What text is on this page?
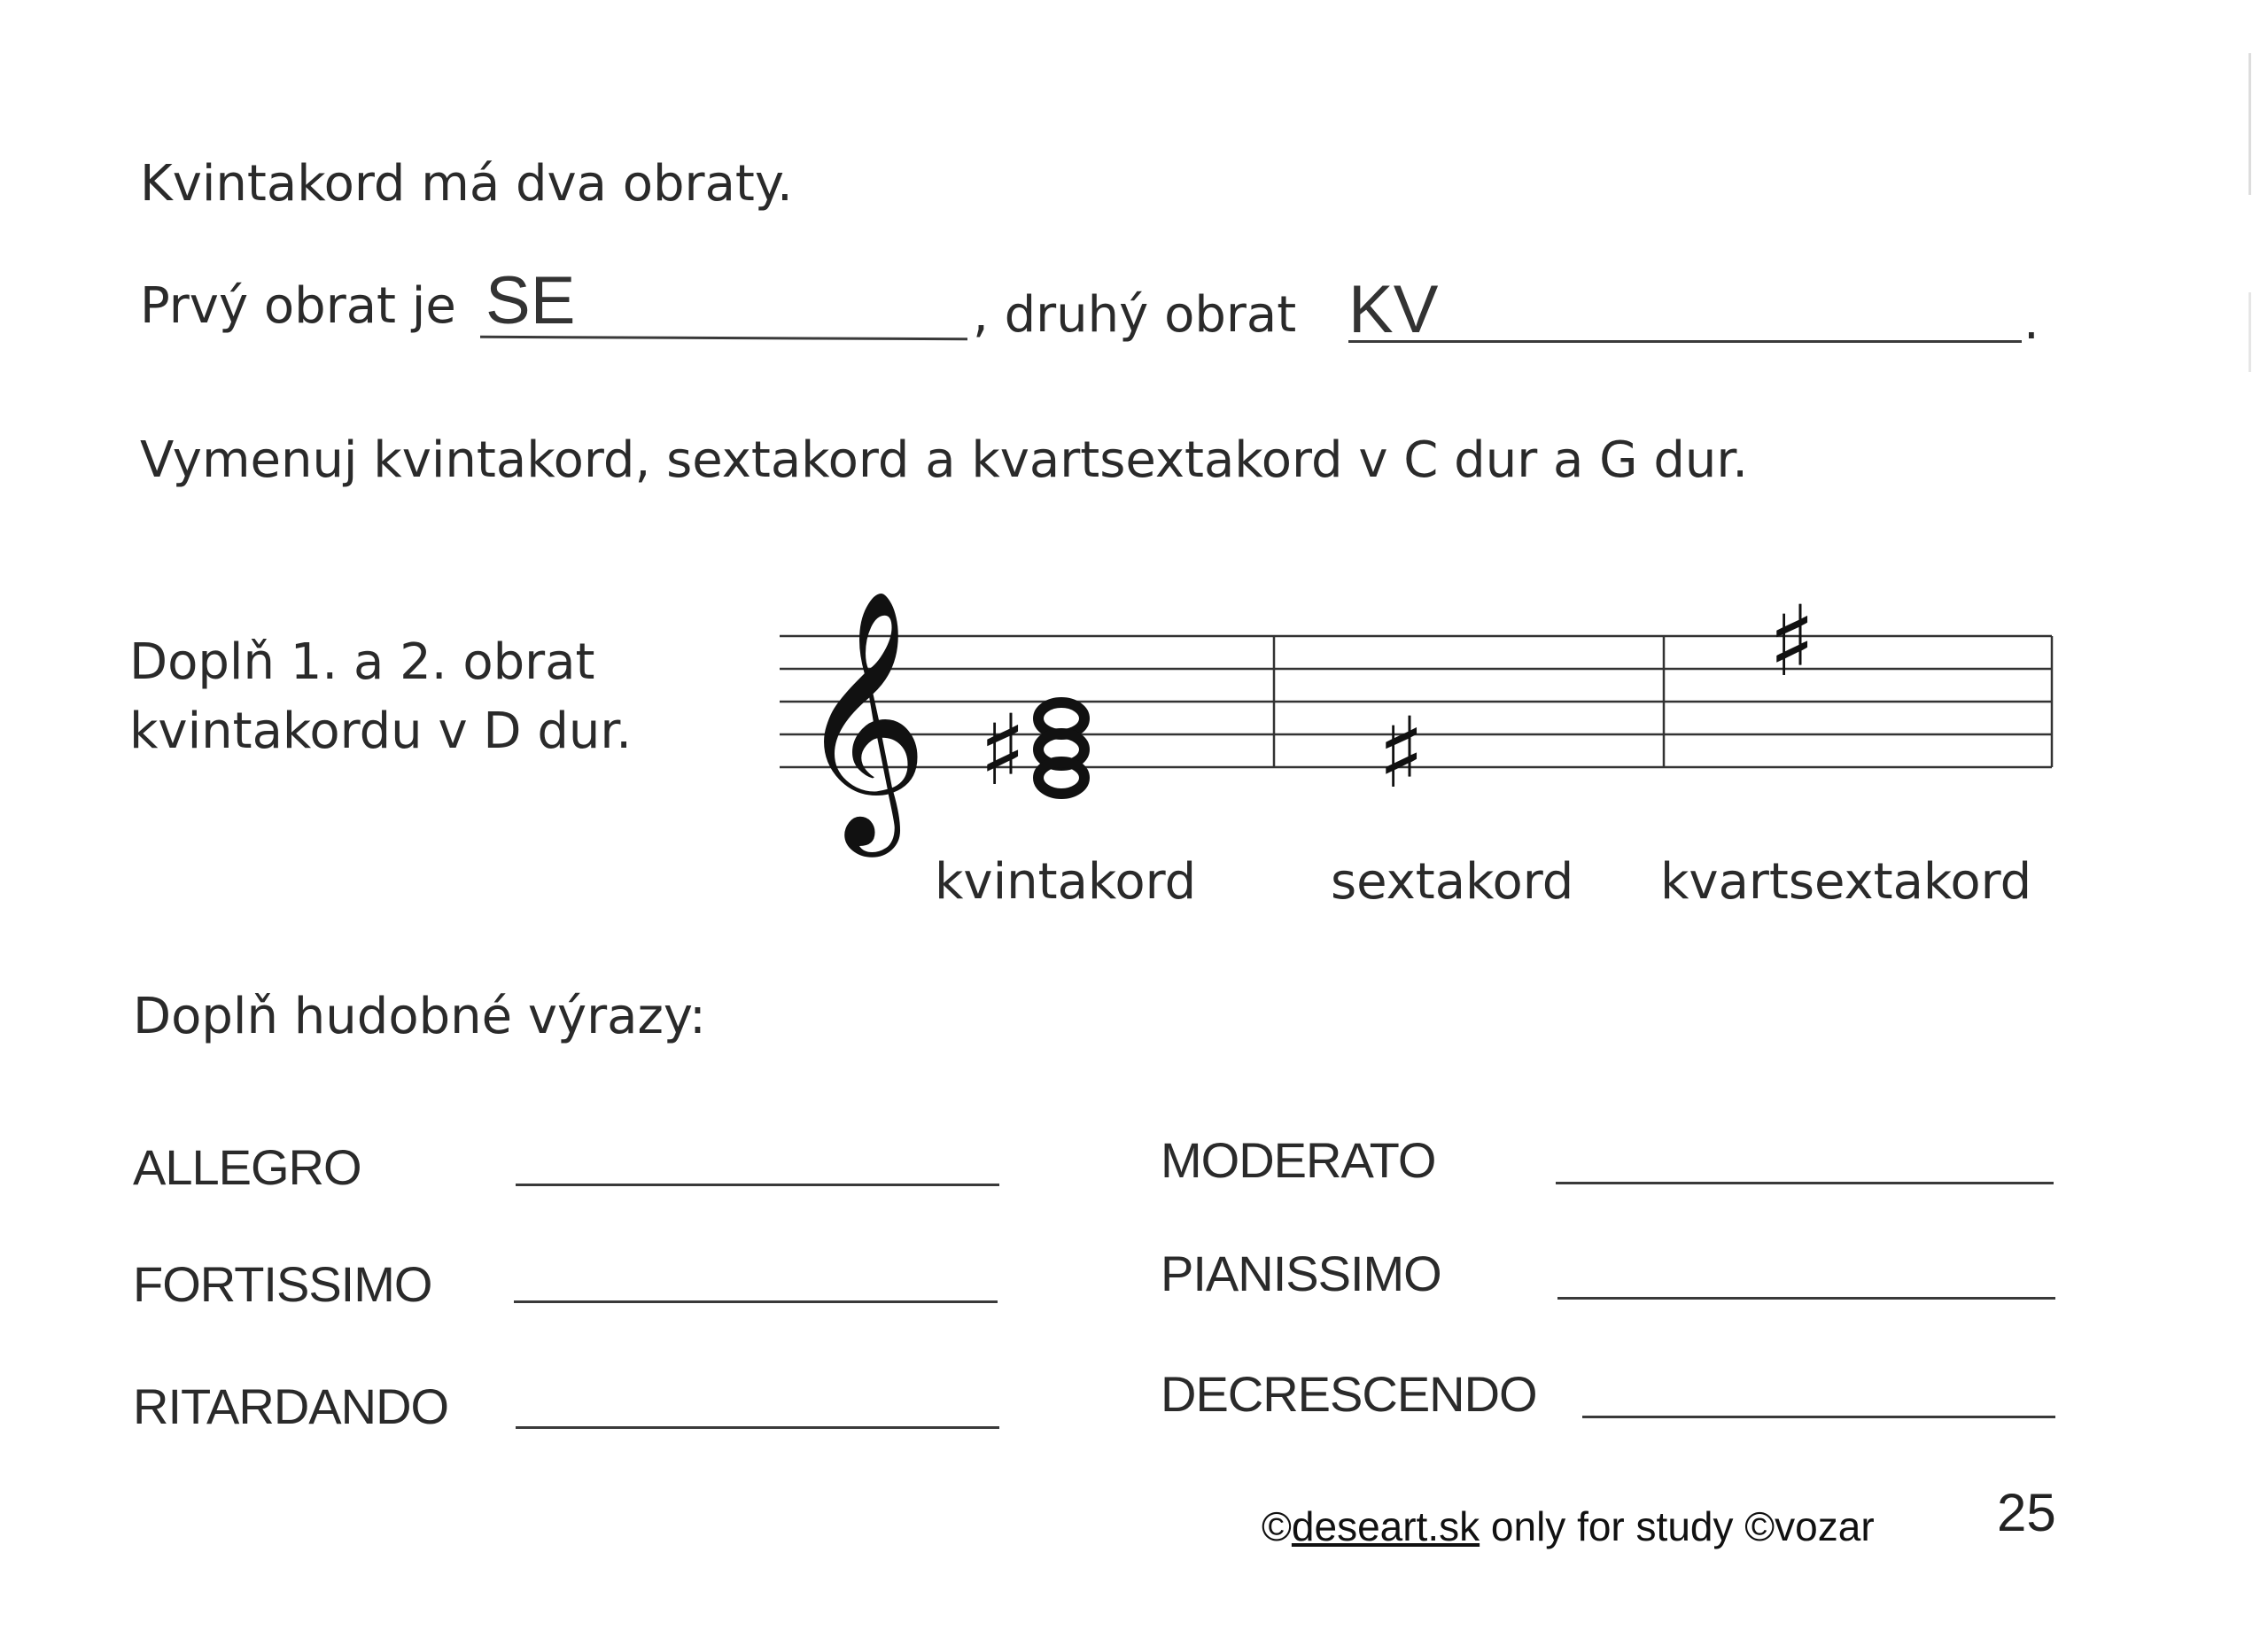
Kvintakord má dva obraty.
Prvý obrat je SE	, druhý obrat KV	.
Vymenuj kvintakord, sextakord a kvartsextakord v C dur a G dur.
Doplň 1. a 2. obrat
kvintakordu v D dur. 𝄞 ♯	♯
♯
kvintakord	sextakord kvartsextakord
Doplň hudobné výrazy:
ALLEGRO
FORTISSIMO
RITARDANDO
MODERATO
PIANISSIMO
DECRESCENDO
©deseart.sk only for study ©vozar 25
